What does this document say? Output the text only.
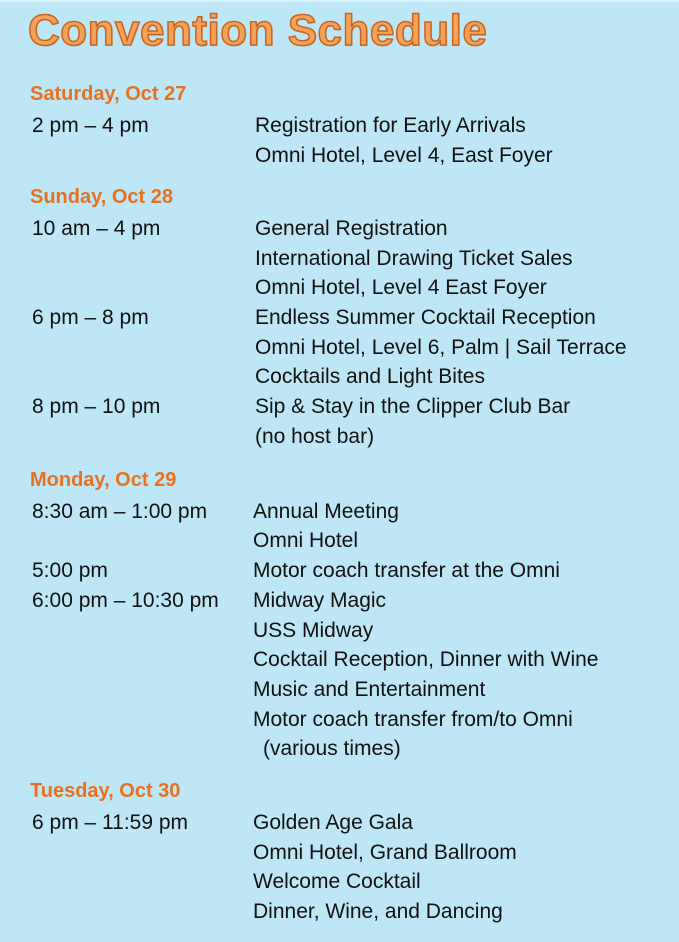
Convention Schedule
Saturday, Oct 27
2 pm – 4 pm	Registration for Early Arrivals
Omni Hotel, Level 4, East Foyer
Sunday, Oct 28
10 am – 4 pm	General Registration
International Drawing Ticket Sales
Omni Hotel, Level 4 East Foyer
6 pm – 8 pm	Endless Summer Cocktail Reception
Omni Hotel, Level 6, Palm | Sail Terrace
Cocktails and Light Bites
8 pm – 10 pm	Sip & Stay in the Clipper Club Bar
(no host bar)
Monday, Oct 29
8:30 am – 1:00 pm Annual Meeting
Omni Hotel
5:00 pm	Motor coach transfer at the Omni
6:00 pm – 10:30 pm Midway Magic
USS Midway
Cocktail Reception, Dinner with Wine
Music and Entertainment
Motor coach transfer from/to Omni
(various times)
Tuesday, Oct 30
6 pm – 11:59 pm	Golden Age Gala
Omni Hotel, Grand Ballroom
Welcome Cocktail
Dinner, Wine, and Dancing
